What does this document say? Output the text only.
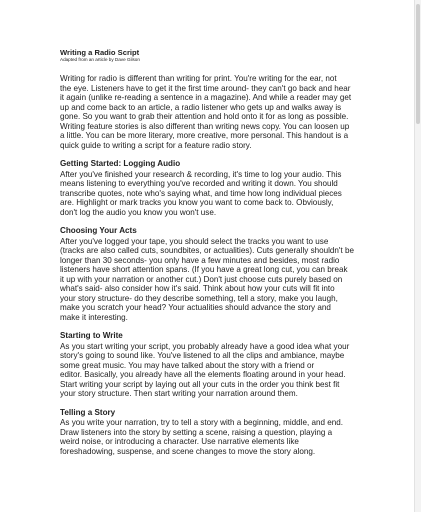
Writing a Radio Script

Adapted from an article by Dave Gilson

Writing for radio is different than writing for print. You're writing for the ear, not
the eye. Listeners have to get it the first time around- they can't go back and hear
it again (unlike re-reading a sentence in a magazine). And while a reader may get
up and come back to an article, a radio listener who gets up and walks away is
gone. So you want to grab their attention and hold onto it for as long as possible.
Writing feature stories is also different than writing news copy. You can loosen up
a little. You can be more literary, more creative, more personal. This handout is a
quick guide to writing a script for a feature radio story.

Getting Started: Logging Audio

After you've finished your research & recording, it's time to log your audio. This
means listening to everything you've recorded and writing it down. You should
transcribe quotes, note who's saying what, and time how long individual pieces
are. Highlight or mark tracks you know you want to come back to. Obviously,
don't log the audio you know you won't use.

Choosing Your Acts

After you've logged your tape, you should select the tracks you want to use
(tracks are also called cuts, soundbites, or actualities). Cuts generally shouldn't be
longer than 30 seconds- you only have a few minutes and besides, most radio
listeners have short attention spans. (If you have a great long cut, you can break
it up with your narration or another cut.) Don't just choose cuts purely based on
what's said- also consider how it's said. Think about how your cuts will fit into
your story structure- do they describe something, tell a story, make you laugh,
make you scratch your head? Your actualities should advance the story and
make it interesting.

Starting to Write

As you start writing your script, you probably already have a good idea what your
story's going to sound like. You've listened to all the clips and ambiance, maybe
some great music. You may have talked about the story with a friend or
editor. Basically, you already have all the elements floating around in your head.
Start writing your script by laying out all your cuts in the order you think best fit
your story structure. Then start writing your narration around them.

Telling a Story

As you write your narration, try to tell a story with a beginning, middle, and end.
Draw listeners into the story by setting a scene, raising a question, playing a
weird noise, or introducing a character. Use narrative elements like
foreshadowing, suspense, and scene changes to move the story along.
